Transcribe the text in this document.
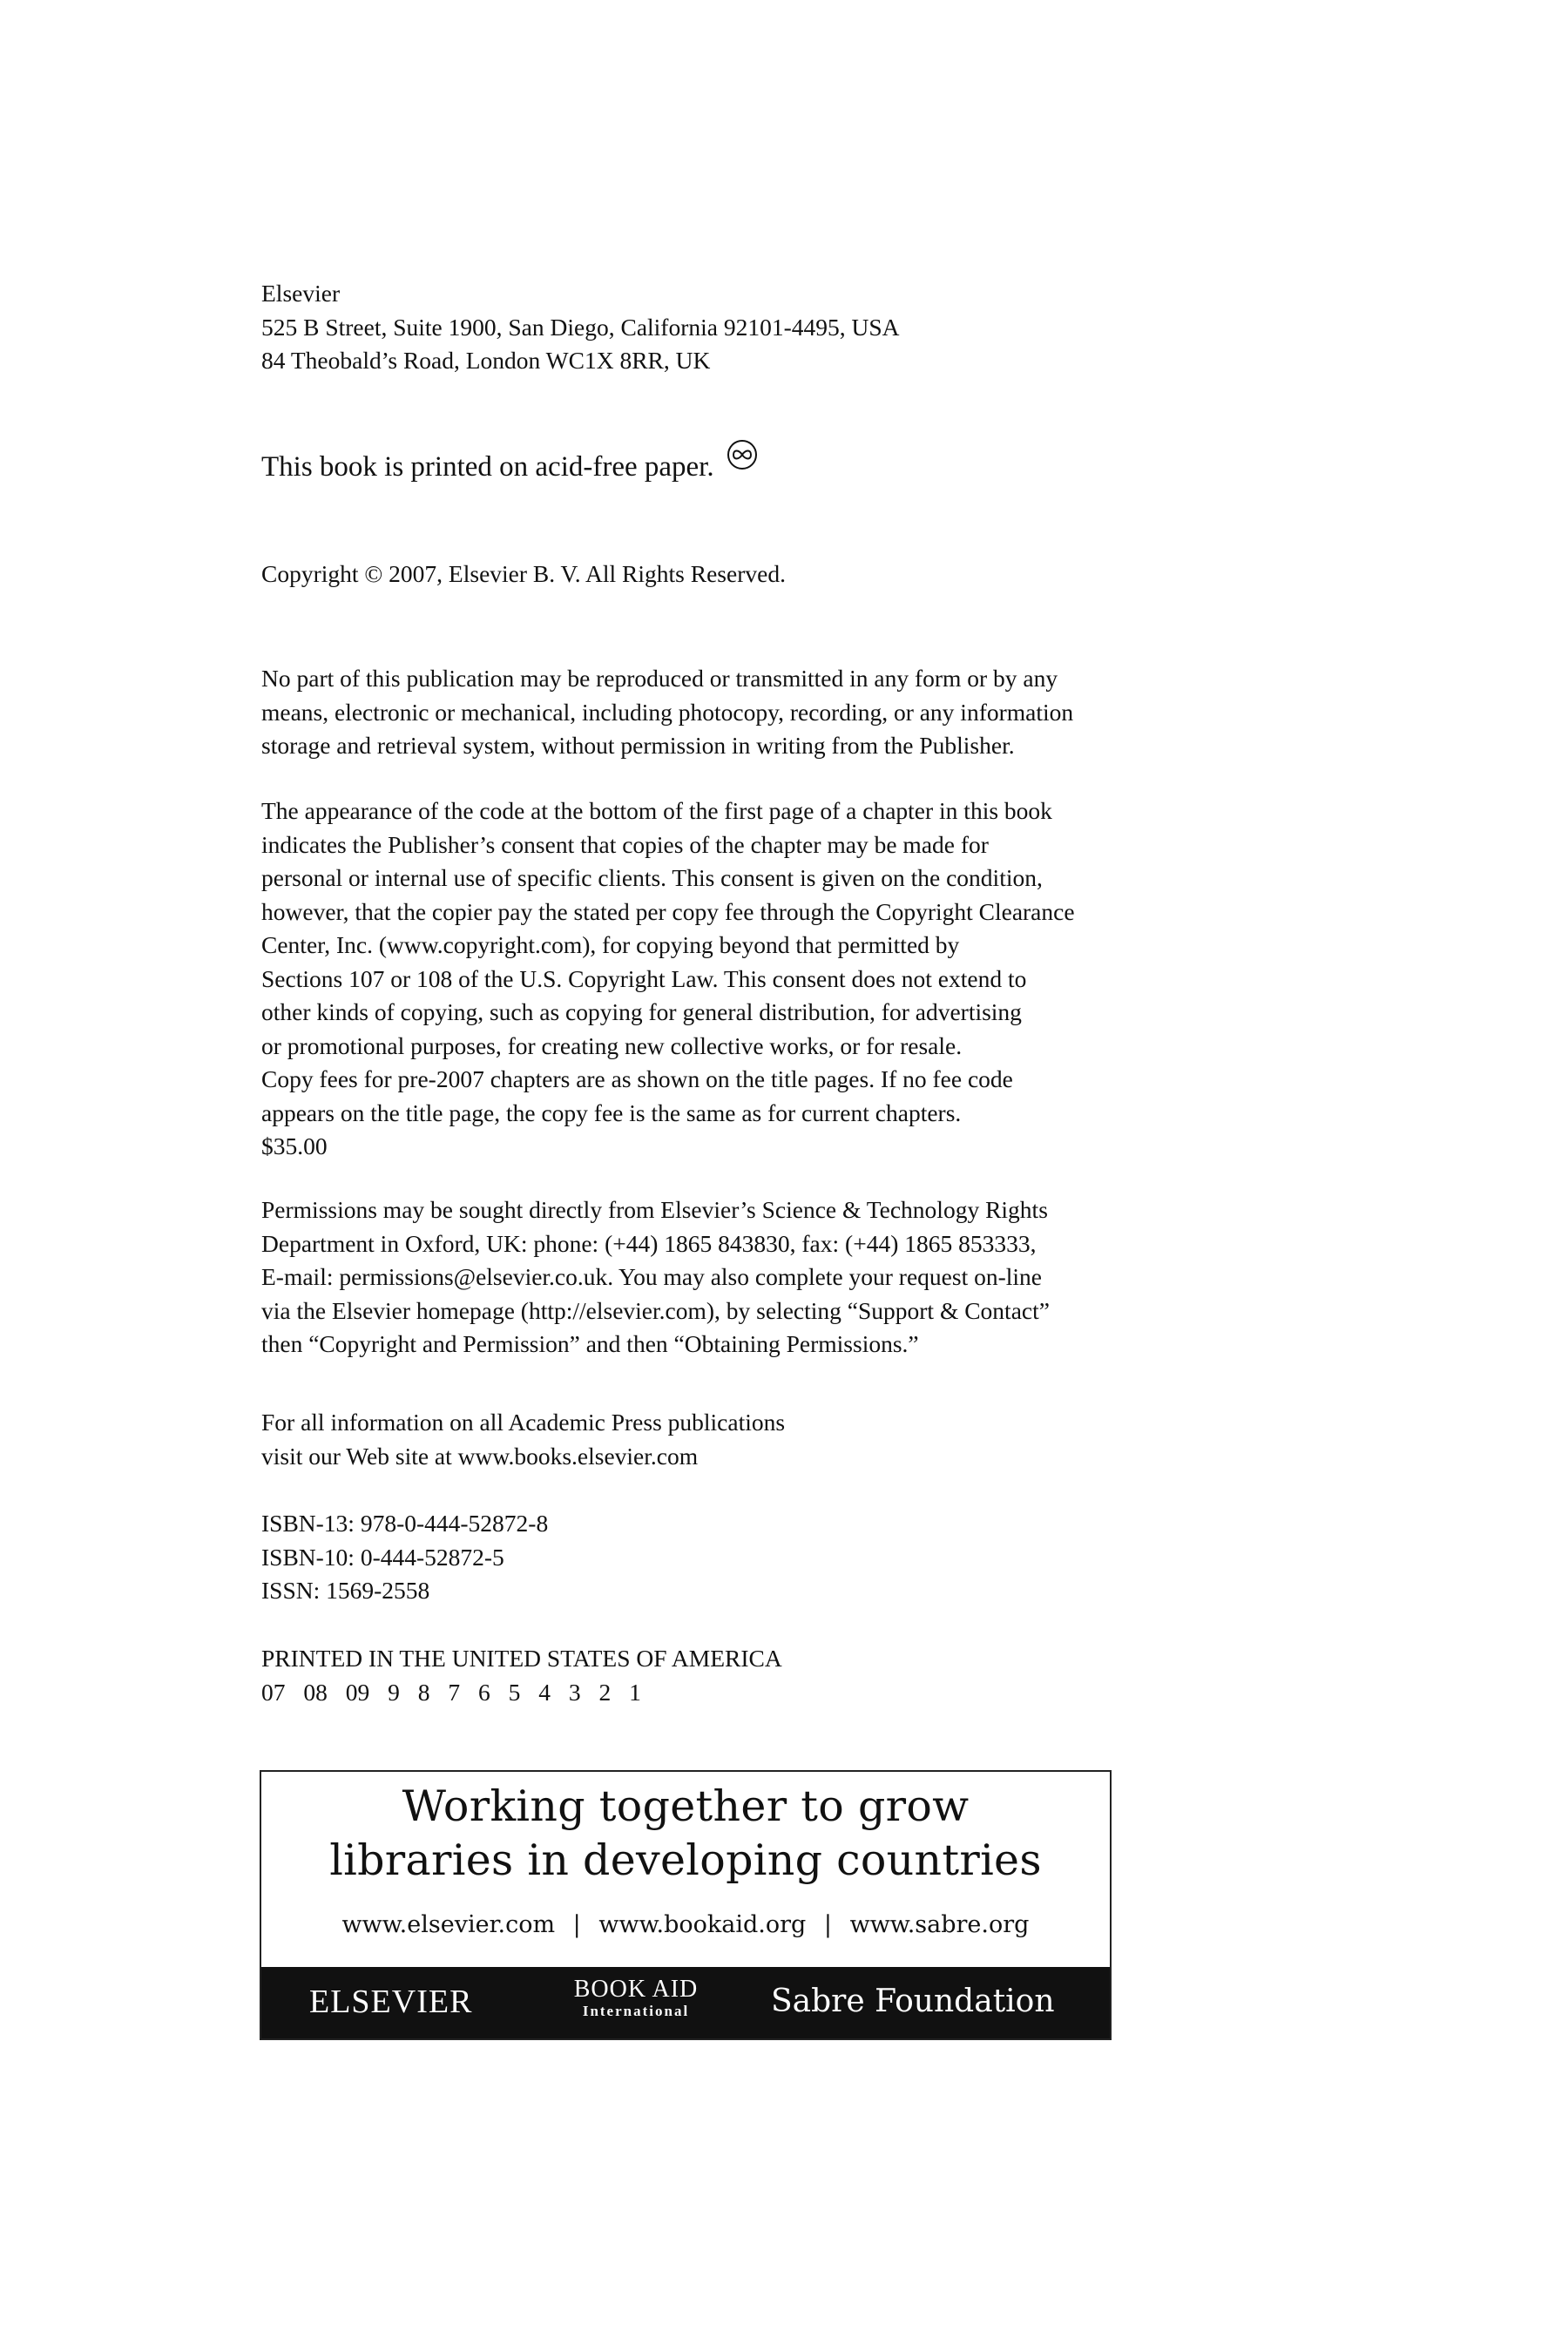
Elsevier
525 B Street, Suite 1900, San Diego, California 92101-4495, USA
84 Theobald’s Road, London WC1X 8RR, UK
This book is printed on acid-free paper.
Copyright © 2007, Elsevier B. V. All Rights Reserved.
No part of this publication may be reproduced or transmitted in any form or by any
means, electronic or mechanical, including photocopy, recording, or any information
storage and retrieval system, without permission in writing from the Publisher.
The appearance of the code at the bottom of the first page of a chapter in this book
indicates the Publisher’s consent that copies of the chapter may be made for
personal or internal use of specific clients. This consent is given on the condition,
however, that the copier pay the stated per copy fee through the Copyright Clearance
Center, Inc. (www.copyright.com), for copying beyond that permitted by
Sections 107 or 108 of the U.S. Copyright Law. This consent does not extend to
other kinds of copying, such as copying for general distribution, for advertising
or promotional purposes, for creating new collective works, or for resale.
Copy fees for pre-2007 chapters are as shown on the title pages. If no fee code
appears on the title page, the copy fee is the same as for current chapters.
$35.00
Permissions may be sought directly from Elsevier’s Science & Technology Rights
Department in Oxford, UK: phone: (+44) 1865 843830, fax: (+44) 1865 853333,
E-mail: permissions@elsevier.co.uk. You may also complete your request on-line
via the Elsevier homepage (http://elsevier.com), by selecting “Support & Contact”
then “Copyright and Permission” and then “Obtaining Permissions.”
For all information on all Academic Press publications
visit our Web site at www.books.elsevier.com
ISBN-13: 978-0-444-52872-8
ISBN-10: 0-444-52872-5
ISSN: 1569-2558
PRINTED IN THE UNITED STATES OF AMERICA
07 08 09 9 8 7 6 5 4 3 2 1
Working together to grow
libraries in developing countries
www.elsevier.com | www.bookaid.org | www.sabre.org
ELSEVIER	BOOK AID
International	Sabre Foundation
